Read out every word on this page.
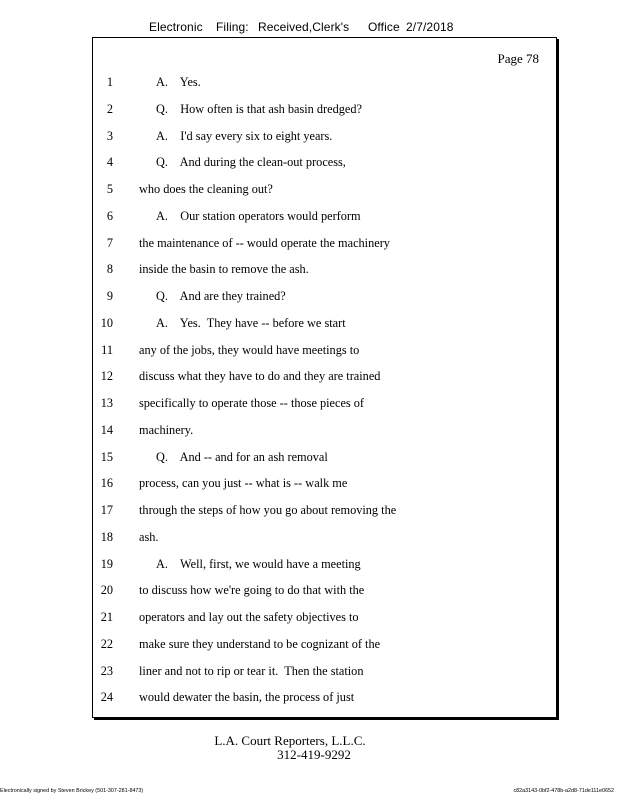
Electronic Filing: Received,Clerk's Office 2/7/2018
Page 78
1	A.    Yes.
2	Q.    How often is that ash basin dredged?
3	A.    I'd say every six to eight years.
4	Q.    And during the clean-out process,
5 who does the cleaning out?
6	A.    Our station operators would perform
7 the maintenance of -- would operate the machinery
8 inside the basin to remove the ash.
9	Q.    And are they trained?
10	A.    Yes.  They have -- before we start
11 any of the jobs, they would have meetings to
12 discuss what they have to do and they are trained
13 specifically to operate those -- those pieces of
14 machinery.
15	Q.    And -- and for an ash removal
16 process, can you just -- what is -- walk me
17 through the steps of how you go about removing the
18 ash.
19	A.    Well, first, we would have a meeting
20 to discuss how we're going to do that with the
21 operators and lay out the safety objectives to
22 make sure they understand to be cognizant of the
23 liner and not to rip or tear it.  Then the station
24 would dewater the basin, the process of just
L.A. Court Reporters, L.L.C.
312-419-9292
Electronically signed by Steven Brickey (501-307-281-8473)	c82a3143-0bf2-478b-a2d8-71de111e0652
